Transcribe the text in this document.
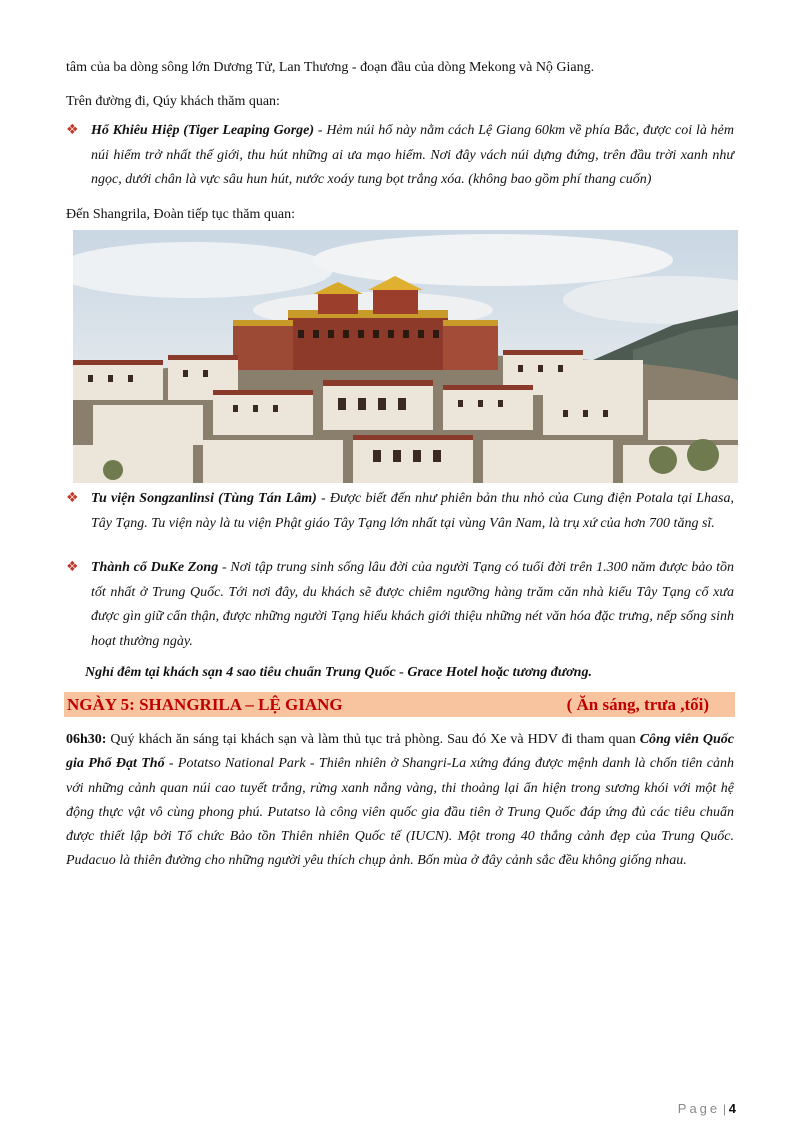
tâm của ba dòng sông lớn Dương Tử, Lan Thương - đoạn đầu của dòng Mekong và Nộ Giang.

Trên đường đi, Qúy khách thăm quan:

❖ Hổ Khiêu Hiệp (Tiger Leaping Gorge) - Hẻm núi hổ này nằm cách Lệ Giang 60km về phía Bắc, được coi là hẻm núi hiểm trở nhất thế giới, thu hút những ai ưa mạo hiểm. Nơi đây vách núi dựng đứng, trên đầu trời xanh như ngọc, dưới chân là vực sâu hun hút, nước xoáy tung bọt trắng xóa. (không bao gồm phí thang cuốn)

Đến Shangrila, Đoàn tiếp tục thăm quan:

❖ Tu viện Songzanlinsi (Tùng Tán Lâm) - Được biết đến như phiên bản thu nhỏ của Cung điện Potala tại Lhasa, Tây Tạng. Tu viện này là tu viện Phật giáo Tây Tạng lớn nhất tại vùng Vân Nam, là trụ xứ của hơn 700 tăng sĩ.

❖ Thành cổ DuKe Zong - Nơi tập trung sinh sống lâu đời của người Tạng có tuổi đời trên 1.300 năm được bảo tồn tốt nhất ở Trung Quốc. Tới nơi đây, du khách sẽ được chiêm ngưỡng hàng trăm căn nhà kiểu Tây Tạng cổ xưa được gìn giữ cẩn thận, được những người Tạng hiếu khách giới thiệu những nét văn hóa đặc trưng, nếp sống sinh hoạt thường ngày.

Nghỉ đêm tại khách sạn 4 sao tiêu chuẩn Trung Quốc - Grace Hotel hoặc tương đương.

NGÀY 5: SHANGRILA – LỆ GIANG	( Ăn sáng, trưa ,tối)

06h30: Quý khách ăn sáng tại khách sạn và làm thủ tục trả phòng. Sau đó Xe và HDV đi tham quan Công viên Quốc gia Phổ Đạt Thố - Potatso National Park - Thiên nhiên ở Shangri-La xứng đáng được mệnh danh là chốn tiên cảnh với những cảnh quan núi cao tuyết trắng, rừng xanh nắng vàng, thi thoảng lại ẩn hiện trong sương khói với một hệ động thực vật vô cùng phong phú. Putatso là công viên quốc gia đầu tiên ở Trung Quốc đáp ứng đủ các tiêu chuẩn được thiết lập bởi Tổ chức Bảo tồn Thiên nhiên Quốc tế (IUCN). Một trong 40 thắng cảnh đẹp của Trung Quốc. Pudacuo là thiên đường cho những người yêu thích chụp ảnh. Bốn mùa ở đây cảnh sắc đều không giống nhau.

Page | 4
